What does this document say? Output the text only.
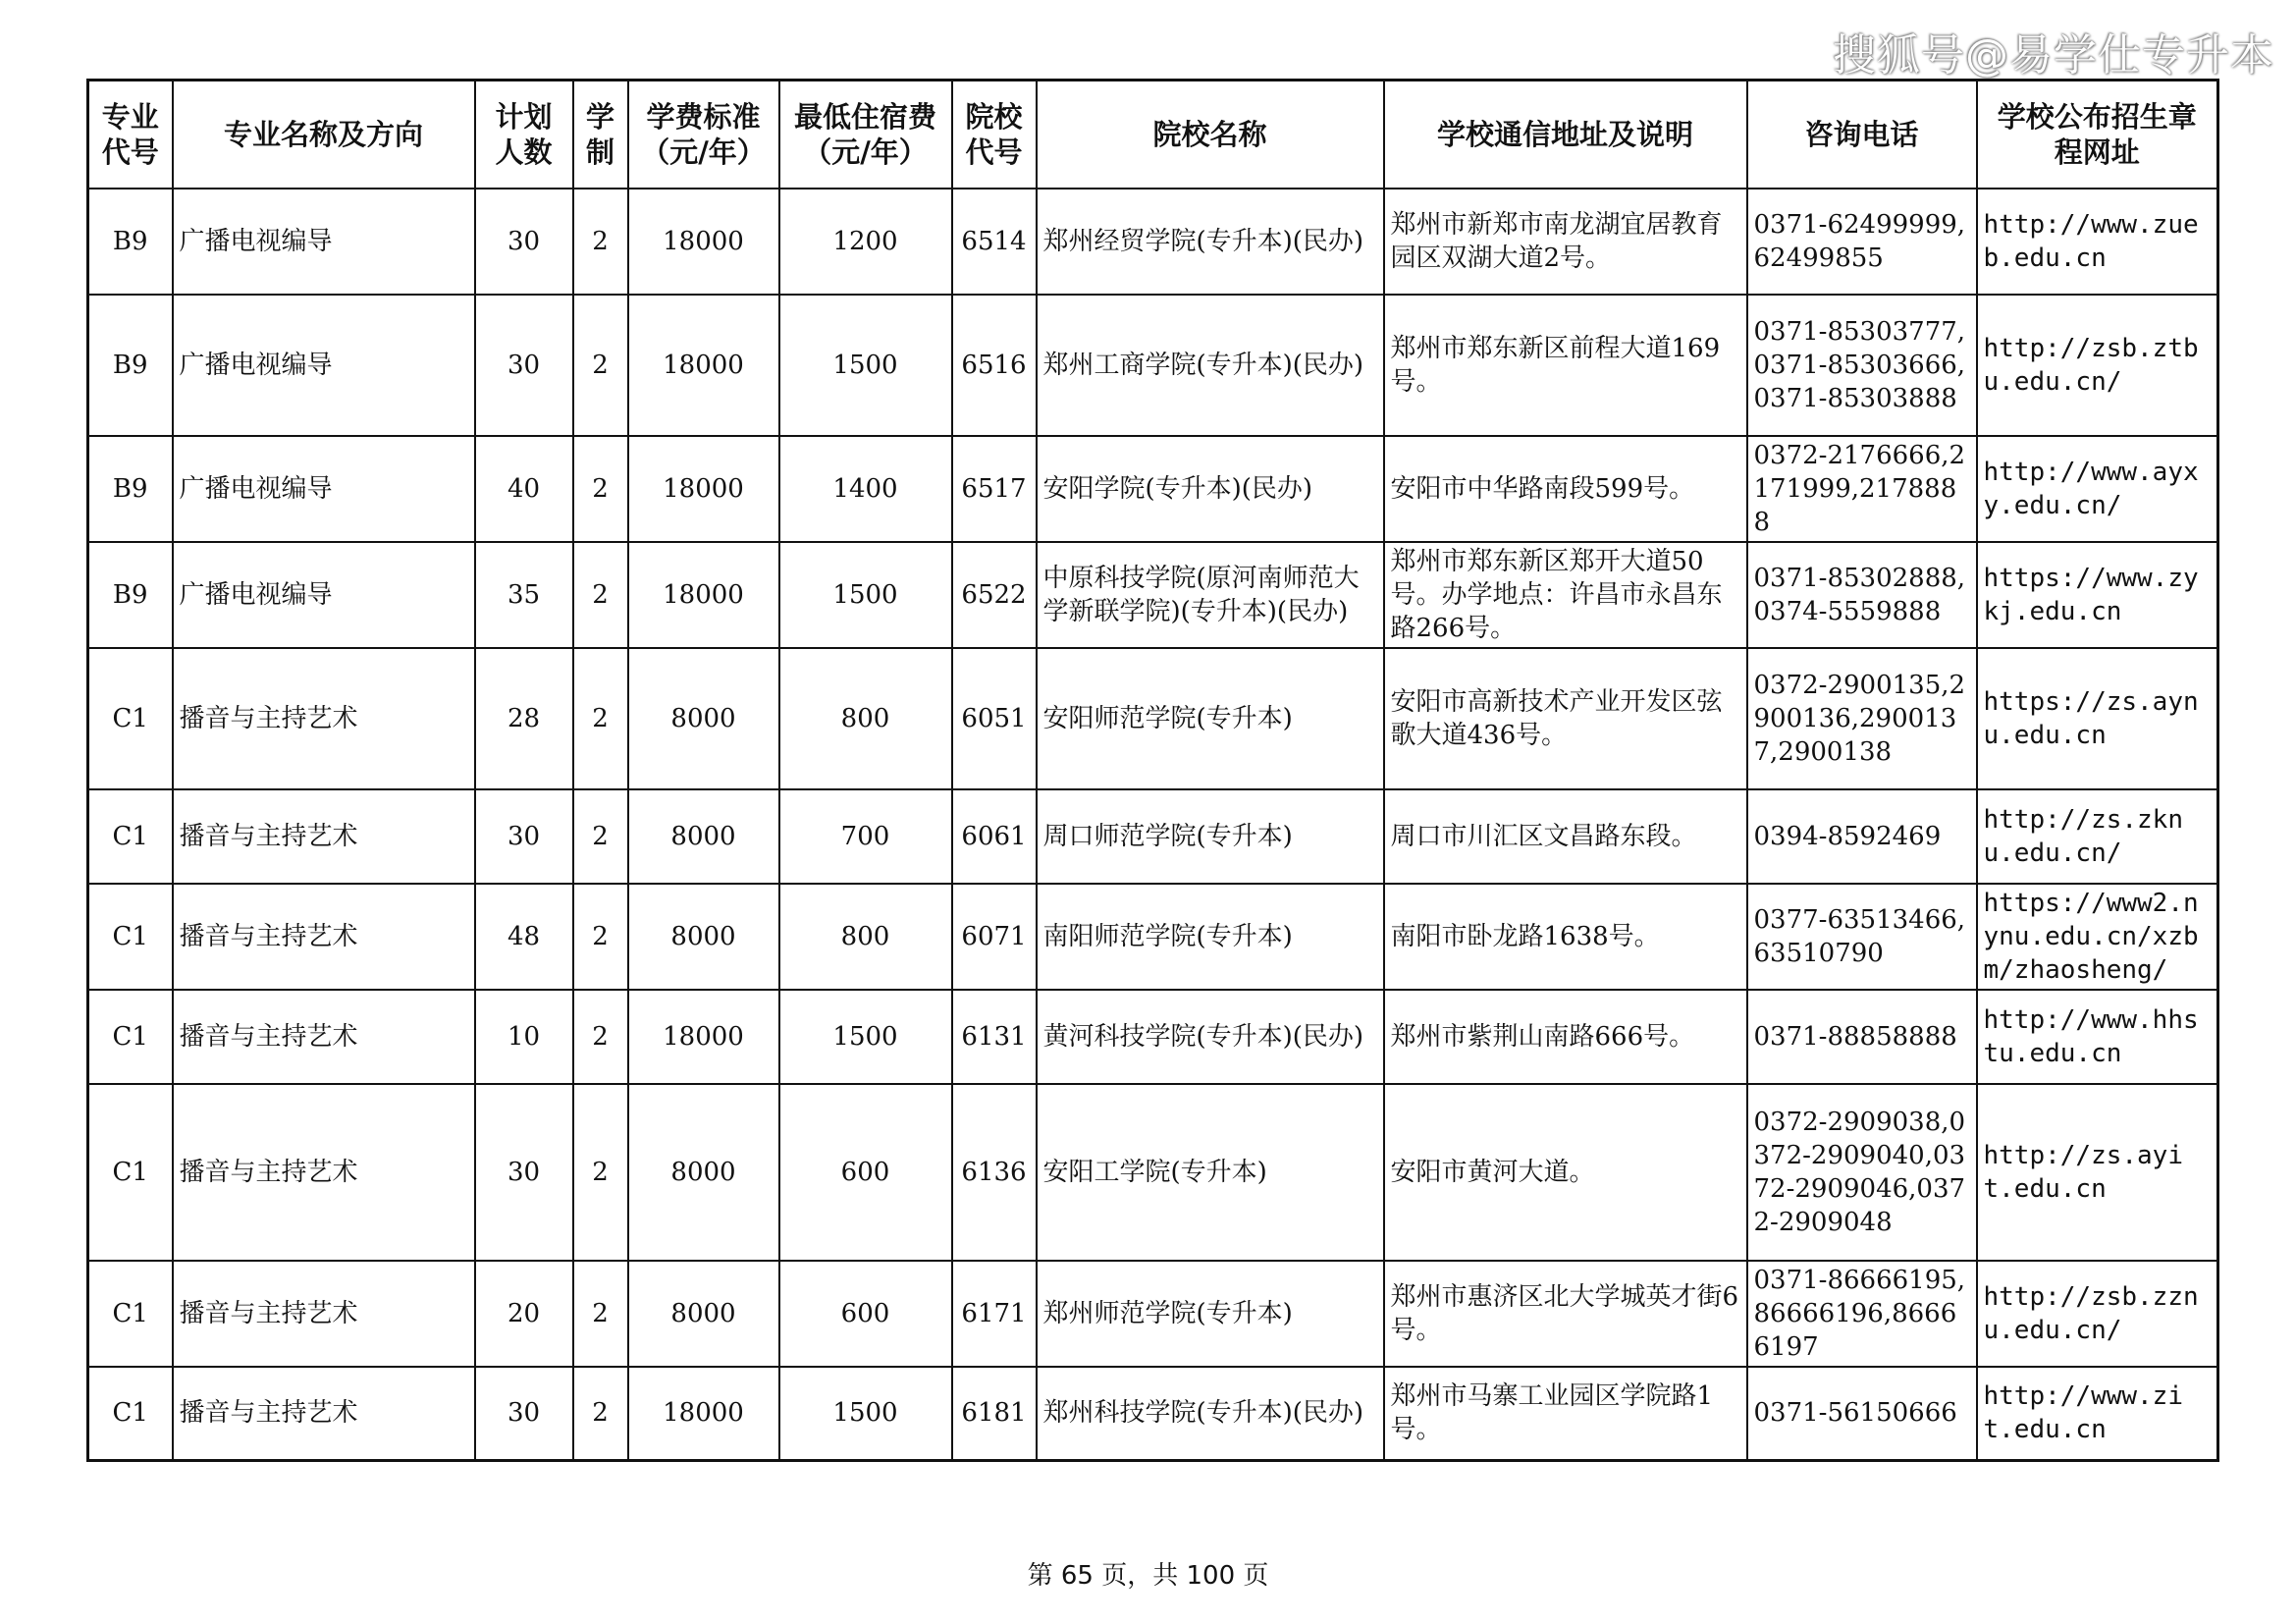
搜狐号@易学仕专升本
专业代号	专业名称及方向	计划人数	学制	学费标准（元/年）	最低住宿费（元/年）	院校代号	院校名称	学校通信地址及说明	咨询电话	学校公布招生章程网址
B9	广播电视编导	30	2	18000	1200	6514	郑州经贸学院(专升本)(民办)	郑州市新郑市南龙湖宜居教育园区双湖大道2号。	0371-62499999,62499855	http://www.zueb.edu.cn
B9	广播电视编导	30	2	18000	1500	6516	郑州工商学院(专升本)(民办)	郑州市郑东新区前程大道169号。	0371-85303777,0371-85303666,0371-85303888	http://zsb.ztbu.edu.cn/
B9	广播电视编导	40	2	18000	1400	6517	安阳学院(专升本)(民办)	安阳市中华路南段599号。	0372-2176666,2171999,2178888	http://www.ayxy.edu.cn/
B9	广播电视编导	35	2	18000	1500	6522	中原科技学院(原河南师范大学新联学院)(专升本)(民办)	郑州市郑东新区郑开大道50号。办学地点：许昌市永昌东路266号。	0371-85302888,0374-5559888	https://www.zykj.edu.cn
C1	播音与主持艺术	28	2	8000	800	6051	安阳师范学院(专升本)	安阳市高新技术产业开发区弦歌大道436号。	0372-2900135,2900136,2900137,2900138	https://zs.aynu.edu.cn
C1	播音与主持艺术	30	2	8000	700	6061	周口师范学院(专升本)	周口市川汇区文昌路东段。	0394-8592469	http://zs.zknu.edu.cn/
C1	播音与主持艺术	48	2	8000	800	6071	南阳师范学院(专升本)	南阳市卧龙路1638号。	0377-63513466,63510790	https://www2.nynu.edu.cn/xzbm/zhaosheng/
C1	播音与主持艺术	10	2	18000	1500	6131	黄河科技学院(专升本)(民办)	郑州市紫荆山南路666号。	0371-88858888	http://www.hhstu.edu.cn
C1	播音与主持艺术	30	2	8000	600	6136	安阳工学院(专升本)	安阳市黄河大道。	0372-2909038,0372-2909040,0372-2909046,0372-2909048	http://zs.ayit.edu.cn
C1	播音与主持艺术	20	2	8000	600	6171	郑州师范学院(专升本)	郑州市惠济区北大学城英才街6号。	0371-86666195,86666196,86666197	http://zsb.zznu.edu.cn/
C1	播音与主持艺术	30	2	18000	1500	6181	郑州科技学院(专升本)(民办)	郑州市马寨工业园区学院路1号。	0371-56150666	http://www.zit.edu.cn
第 65 页，共 100 页
